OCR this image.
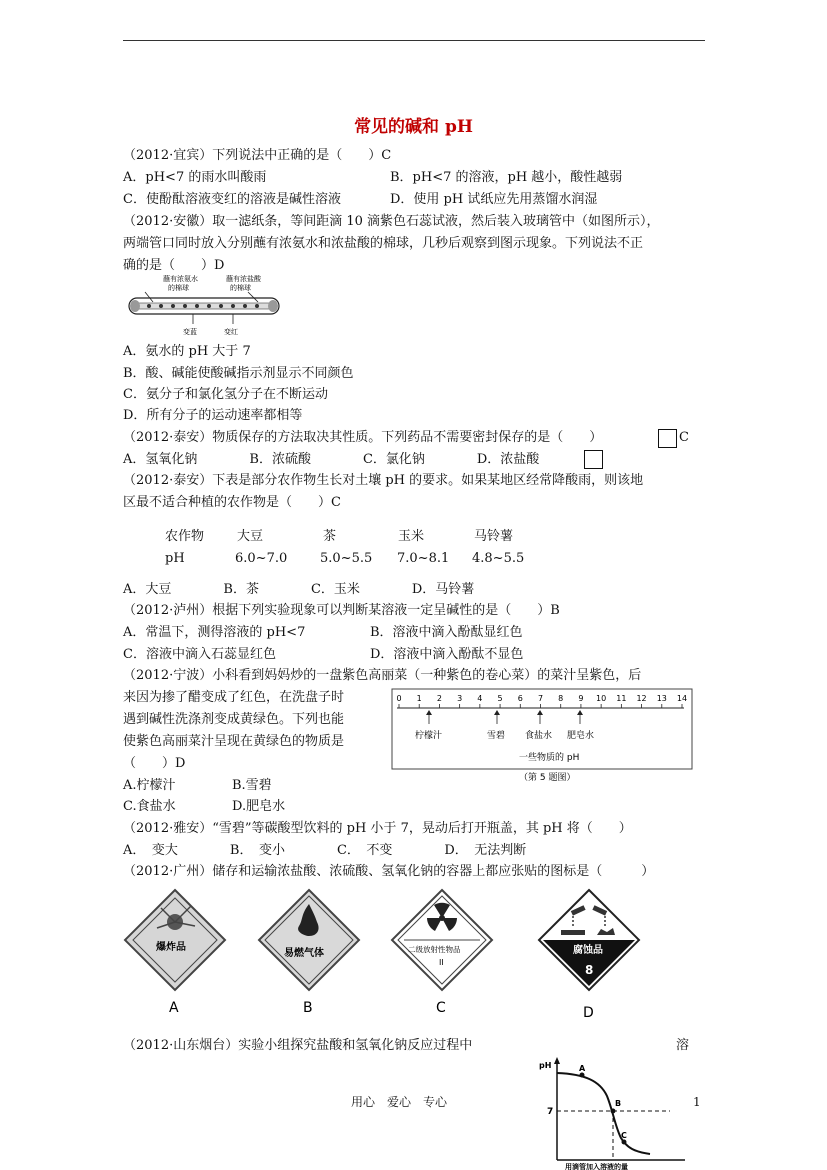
常见的碱和 pH
（2012·宜宾）下列说法中正确的是（　　）C
A．pH<7 的雨水叫酸雨	B．pH<7 的溶液，pH 越小，酸性越弱
C．使酚酞溶液变红的溶液是碱性溶液	D．使用 pH 试纸应先用蒸馏水润湿
（2012·安徽）取一滤纸条，等间距滴 10 滴紫色石蕊试液，然后装入玻璃管中（如图所示），
两端管口同时放入分别蘸有浓氨水和浓盐酸的棉球，几秒后观察到图示现象。下列说法不正
确的是（　　）D
蘸有浓氨水
的棉球
蘸有浓盐酸
的棉球
变蓝	变红
A．氨水的 pH 大于 7
B．酸、碱能使酸碱指示剂显示不同颜色
C．氨分子和氯化氢分子在不断运动
D．所有分子的运动速率都相等
（2012·泰安）物质保存的方法取决其性质。下列药品不需要密封保存的是（　　）	C
A．氢氧化钠　　　　B．浓硫酸　　　　C．氯化钠　　　　D．浓盐酸
（2012·泰安）下表是部分农作物生长对土壤 pH 的要求。如果某地区经常降酸雨，则该地
区最不适合种植的农作物是（　　）C
农作物	大豆	茶	玉米	马铃薯
pH	6.0~7.0	5.0~5.5 7.0~8.1 4.8~5.5
A．大豆　　　　B．茶　　　　C．玉米　　　　D．马铃薯
（2012·泸州）根据下列实验现象可以判断某溶液一定呈碱性的是（　　）B
A．常温下，测得溶液的 pH<7	B．溶液中滴入酚酞显红色
C．溶液中滴入石蕊显红色	D．溶液中滴入酚酞不显色
（2012·宁波）小科看到妈妈炒的一盘紫色高丽菜（一种紫色的卷心菜）的菜汁呈紫色，后
来因为掺了醋变成了红色，在洗盘子时
遇到碱性洗涤剂变成黄绿色。下列也能
使紫色高丽菜汁呈现在黄绿色的物质是
（　　）D
A.柠檬汁	B.雪碧
C.食盐水	D.肥皂水
0 1 2 3 4 5 6 7 8 9 10 11 12 13 14
柠檬汁	雪碧 食盐水 肥皂水
一些物质的 pH
（第 5 题图）
（2012·雅安）“雪碧”等碳酸型饮料的 pH 小于 7，晃动后打开瓶盖，其 pH 将（　　）
A．　变大　　　　B．　变小　　　　C．　不变　　　　D．　无法判断
（2012·广州）储存和运输浓盐酸、浓硫酸、氢氧化钠的容器上都应张贴的图标是（　　　）
爆炸品
A
易燃气体
B
二级放射性物品
II
C
腐蚀品
8
D
（2012·山东烟台）实验小组探究盐酸和氢氧化钠反应过程中	溶
pH
7
A
B
C
用滴管加入溶液的量
用心　爱心　专心	1
